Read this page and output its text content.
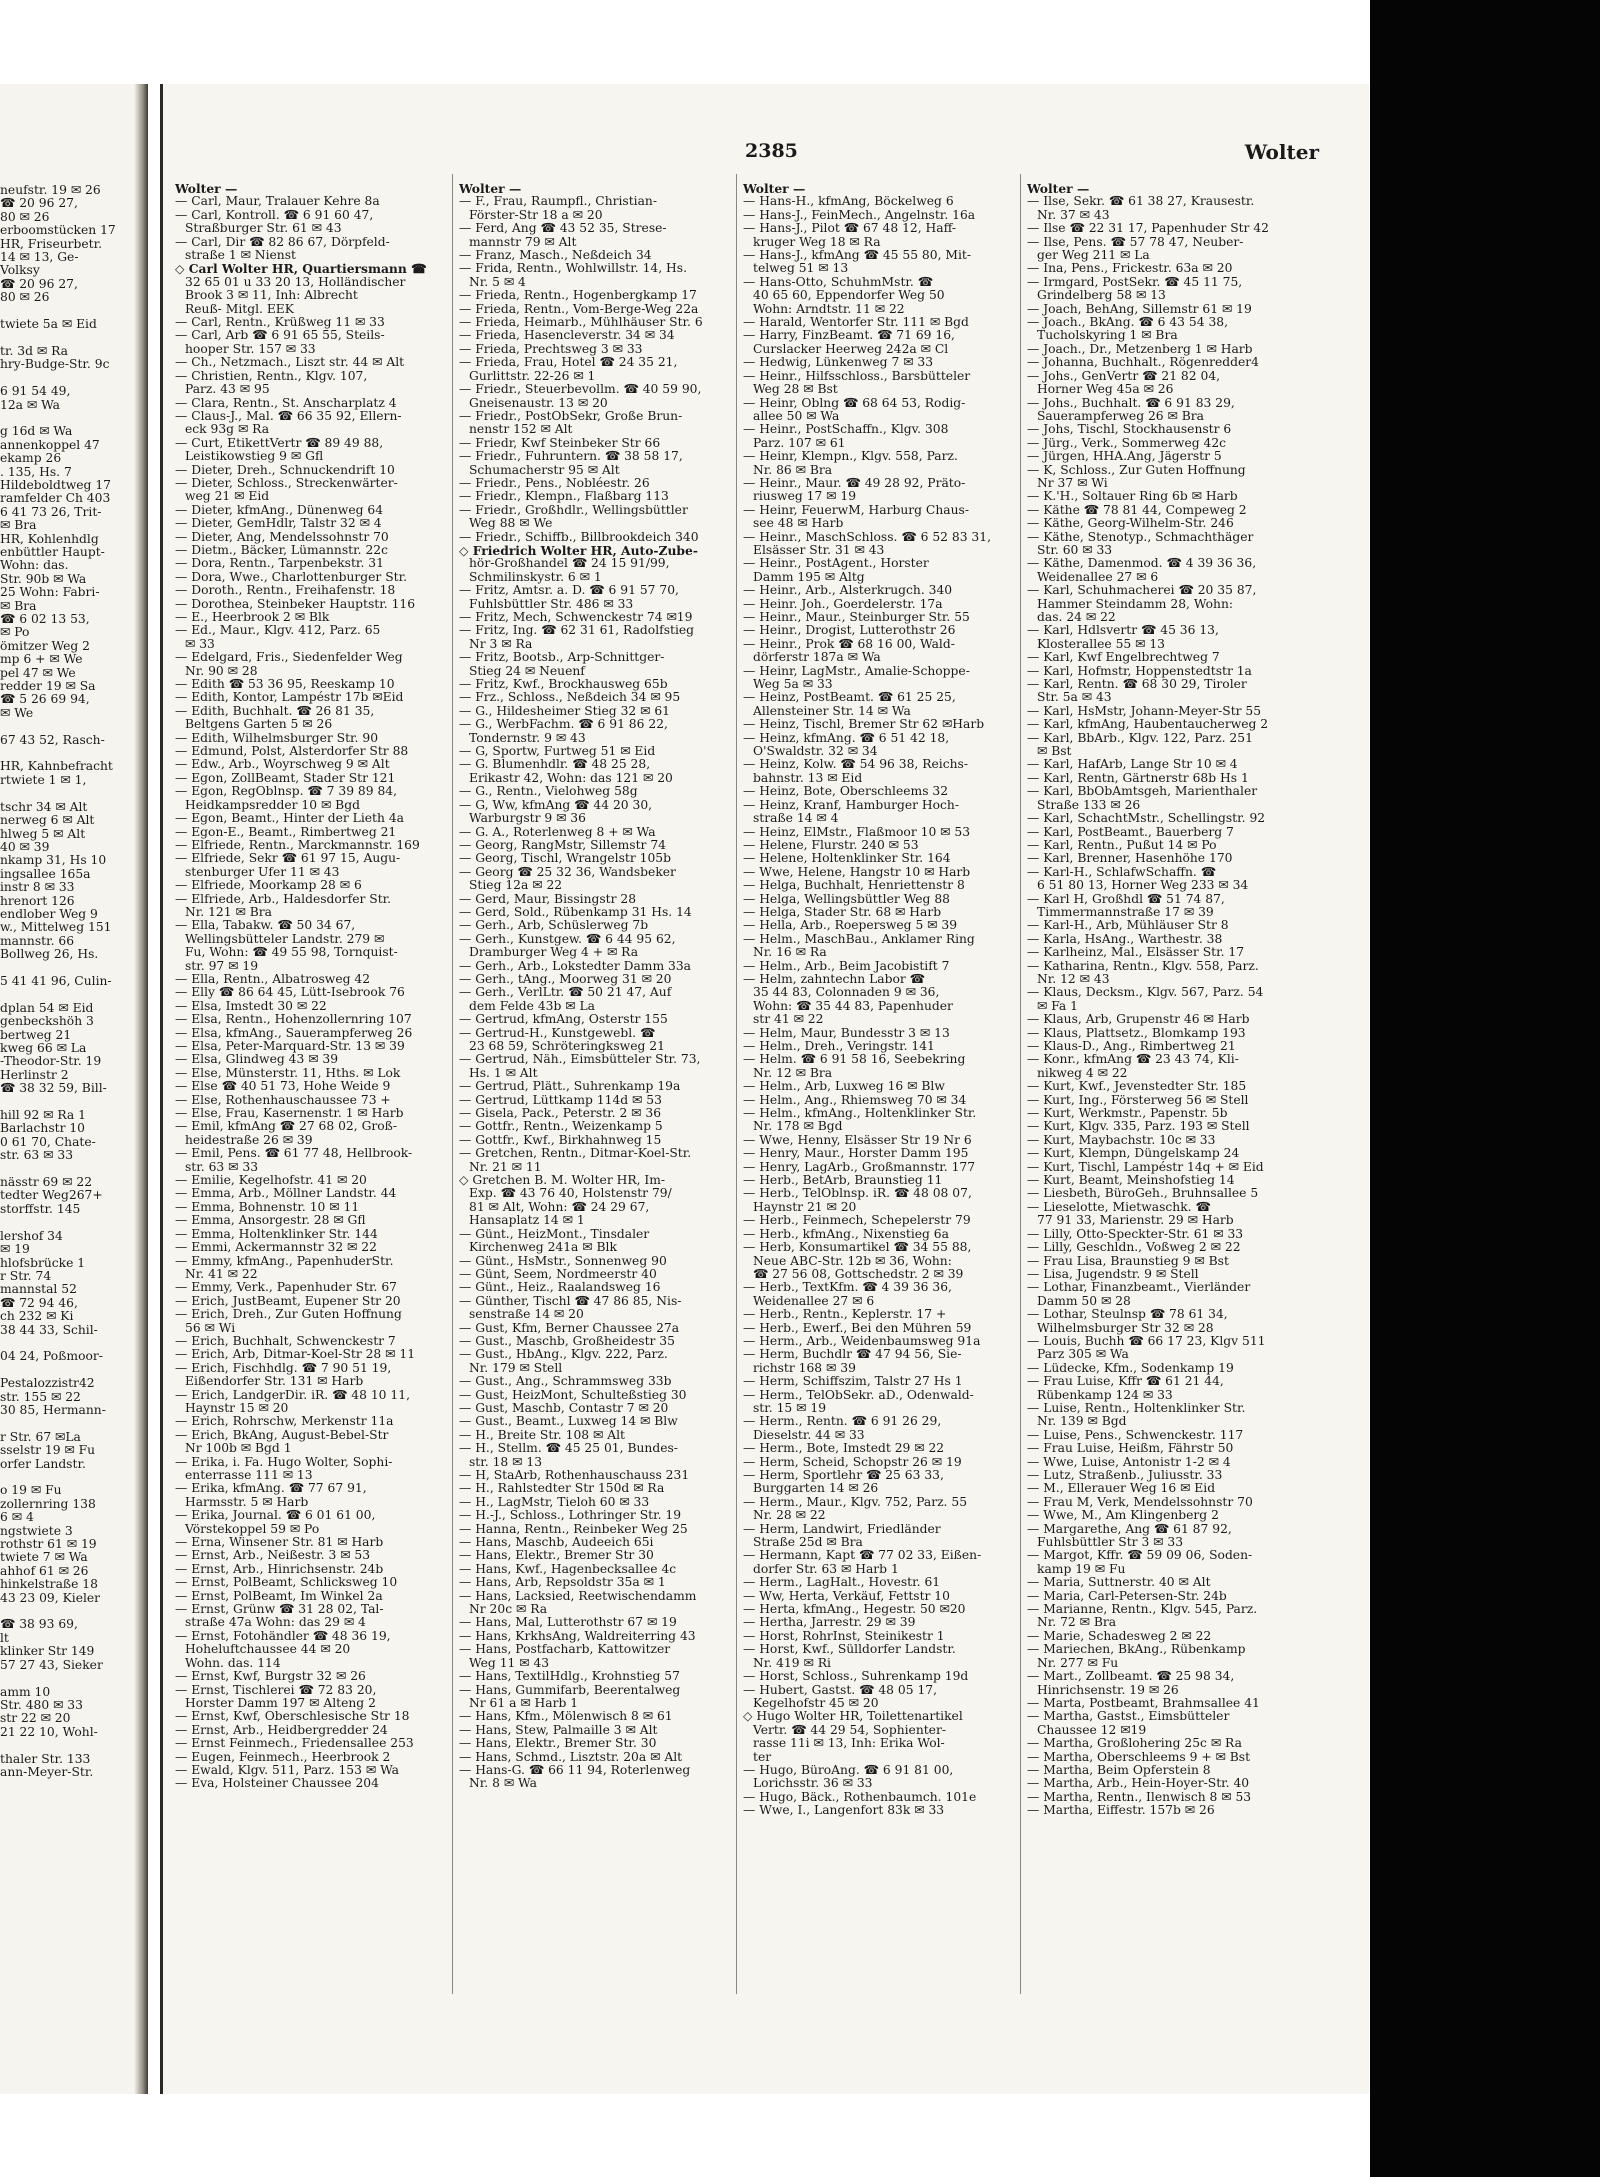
neufstr. 19 ✉ 26

☎ 20 96 27,

80 ✉ 26

erboomstücken 17

HR, Friseurbetr.

14 ✉ 13, Ge-

Volksy

☎ 20 96 27,

80 ✉ 26

twiete 5a ✉ Eid

tr. 3d ✉ Ra

hry-Budge-Str. 9c

6 91 54 49,

12a ✉ Wa

g 16d ✉ Wa

annenkoppel 47

ekamp 26

. 135, Hs. 7

Hildeboldtweg 17

ramfelder Ch 403

6 41 73 26, Trit-

✉ Bra

HR, Kohlenhdlg

enbüttler Haupt-

Wohn: das.

Str. 90b ✉ Wa

25 Wohn: Fabri-

✉ Bra

☎ 6 02 13 53,

✉ Po

ömitzer Weg 2

mp 6 + ✉ We

pel 47 ✉ We

redder 19 ✉ Sa

☎ 5 26 69 94,

✉ We

67 43 52, Rasch-

HR, Kahnbefracht

rtwiete 1 ✉ 1,

tschr 34 ✉ Alt

nerweg 6 ✉ Alt

hlweg 5 ✉ Alt

40 ✉ 39

nkamp 31, Hs 10

ingsallee 165a

instr 8 ✉ 33

hrenort 126

endlober Weg 9

w., Mittelweg 151

mannstr. 66

Bollweg 26, Hs.

5 41 41 96, Culin-

dplan 54 ✉ Eid

genbeckshöh 3

bertweg 21

kweg 66 ✉ La

-Theodor-Str. 19

Herlinstr 2

☎ 38 32 59, Bill-

hill 92 ✉ Ra 1

Barlachstr 10

0 61 70, Chate-

str. 63 ✉ 33

nässtr 69 ✉ 22

tedter Weg267+

storffstr. 145

lershof 34

✉ 19

hlofsbrücke 1

r Str. 74

mannstal 52

☎ 72 94 46,

ch 232 ✉ Ki

38 44 33, Schil-

04 24, Poßmoor-

Pestalozzistr42

str. 155 ✉ 22

30 85, Hermann-

r Str. 67 ✉La

sselstr 19 ✉ Fu

orfer Landstr.

o 19 ✉ Fu

zollernring 138

6 ✉ 4

ngstwiete 3

rothstr 61 ✉ 19

twiete 7 ✉ Wa

ahhof 61 ✉ 26

hinkelstraße 18

43 23 09, Kieler

☎ 38 93 69,

lt

klinker Str 149

57 27 43, Sieker

amm 10

Str. 480 ✉ 33

str 22 ✉ 20

21 22 10, Wohl-

thaler Str. 133

ann-Meyer-Str.

2385	Wolter

Wolter —

— Carl, Maur, Tralauer Kehre 8a

— Carl, Kontroll. ☎ 6 91 60 47,

Straßburger Str. 61 ✉ 43

— Carl, Dir ☎ 82 86 67, Dörpfeld-

straße 1 ✉ Nienst

◇ Carl Wolter HR, Quartiersmann ☎

32 65 01 u 33 20 13, Holländischer

Brook 3 ✉ 11, Inh: Albrecht

Reuß- Mitgl. EEK

— Carl, Rentn., Krüßweg 11 ✉ 33

— Carl, Arb ☎ 6 91 65 55, Steils-

hooper Str. 157 ✉ 33

— Ch., Netzmach., Liszt str. 44 ✉ Alt

— Christien, Rentn., Klgv. 107,

Parz. 43 ✉ 95

— Clara, Rentn., St. Anscharplatz 4

— Claus-J., Mal. ☎ 66 35 92, Ellern-

eck 93g ✉ Ra

— Curt, EtikettVertr ☎ 89 49 88,

Leistikowstieg 9 ✉ Gfl

— Dieter, Dreh., Schnuckendrift 10

— Dieter, Schloss., Streckenwärter-

weg 21 ✉ Eid

— Dieter, kfmAng., Dünenweg 64

— Dieter, GemHdlr, Talstr 32 ✉ 4

— Dieter, Ang, Mendelssohnstr 70

— Dietm., Bäcker, Lümannstr. 22c

— Dora, Rentn., Tarpenbekstr. 31

— Dora, Wwe., Charlottenburger Str.

— Doroth., Rentn., Freihafenstr. 18

— Dorothea, Steinbeker Hauptstr. 116

— E., Heerbrook 2 ✉ Blk

— Ed., Maur., Klgv. 412, Parz. 65

✉ 33

— Edelgard, Fris., Siedenfelder Weg

Nr. 90 ✉ 28

— Edith ☎ 53 36 95, Reeskamp 10

— Edith, Kontor, Lampéstr 17b ✉Eid

— Edith, Buchhalt. ☎ 26 81 35,

Beltgens Garten 5 ✉ 26

— Edith, Wilhelmsburger Str. 90

— Edmund, Polst, Alsterdorfer Str 88

— Edw., Arb., Woyrschweg 9 ✉ Alt

— Egon, ZollBeamt, Stader Str 121

— Egon, RegOblnsp. ☎ 7 39 89 84,

Heidkampsredder 10 ✉ Bgd

— Egon, Beamt., Hinter der Lieth 4a

— Egon-E., Beamt., Rimbertweg 21

— Elfriede, Rentn., Marckmannstr. 169

— Elfriede, Sekr ☎ 61 97 15, Augu-

stenburger Ufer 11 ✉ 43

— Elfriede, Moorkamp 28 ✉ 6

— Elfriede, Arb., Haldesdorfer Str.

Nr. 121 ✉ Bra

— Ella, Tabakw. ☎ 50 34 67,

Wellingsbütteler Landstr. 279 ✉

Fu, Wohn: ☎ 49 55 98, Tornquist-

str. 97 ✉ 19

— Ella, Rentn., Albatrosweg 42

— Elly ☎ 86 64 45, Lütt-Isebrook 76

— Elsa, Imstedt 30 ✉ 22

— Elsa, Rentn., Hohenzollernring 107

— Elsa, kfmAng., Sauerampferweg 26

— Elsa, Peter-Marquard-Str. 13 ✉ 39

— Elsa, Glindweg 43 ✉ 39

— Else, Münsterstr. 11, Hths. ✉ Lok

— Else ☎ 40 51 73, Hohe Weide 9

— Else, Rothenhauschaussee 73 +

— Else, Frau, Kasernenstr. 1 ✉ Harb

— Emil, kfmAng ☎ 27 68 02, Groß-

heidestraße 26 ✉ 39

— Emil, Pens. ☎ 61 77 48, Hellbrook-

str. 63 ✉ 33

— Emilie, Kegelhofstr. 41 ✉ 20

— Emma, Arb., Möllner Landstr. 44

— Emma, Bohnenstr. 10 ✉ 11

— Emma, Ansorgestr. 28 ✉ Gfl

— Emma, Holtenklinker Str. 144

— Emmi, Ackermannstr 32 ✉ 22

— Emmy, kfmAng., PapenhuderStr.

Nr. 41 ✉ 22

— Emmy, Verk., Papenhuder Str. 67

— Erich, JustBeamt, Eupener Str 20

— Erich, Dreh., Zur Guten Hoffnung

56 ✉ Wi

— Erich, Buchhalt, Schwenckestr 7

— Erich, Arb, Ditmar-Koel-Str 28 ✉ 11

— Erich, Fischhdlg. ☎ 7 90 51 19,

Eißendorfer Str. 131 ✉ Harb

— Erich, LandgerDir. iR. ☎ 48 10 11,

Haynstr 15 ✉ 20

— Erich, Rohrschw, Merkenstr 11a

— Erich, BkAng, August-Bebel-Str

Nr 100b ✉ Bgd 1

— Erika, i. Fa. Hugo Wolter, Sophi-

enterrasse 111 ✉ 13

— Erika, kfmAng. ☎ 77 67 91,

Harmsstr. 5 ✉ Harb

— Erika, Journal. ☎ 6 01 61 00,

Vörstekoppel 59 ✉ Po

— Erna, Winsener Str. 81 ✉ Harb

— Ernst, Arb., Neißestr. 3 ✉ 53

— Ernst, Arb., Hinrichsenstr. 24b

— Ernst, PolBeamt, Schlicksweg 10

— Ernst, PolBeamt, Im Winkel 2a

— Ernst, Grünw ☎ 31 28 02, Tal-

straße 47a Wohn: das 29 ✉ 4

— Ernst, Fotohändler ☎ 48 36 19,

Hoheluftchaussee 44 ✉ 20

Wohn. das. 114

— Ernst, Kwf, Burgstr 32 ✉ 26

— Ernst, Tischlerei ☎ 72 83 20,

Horster Damm 197 ✉ Alteng 2

— Ernst, Kwf, Oberschlesische Str 18

— Ernst, Arb., Heidbergredder 24

— Ernst Feinmech., Friedensallee 253

— Eugen, Feinmech., Heerbrook 2

— Ewald, Klgv. 511, Parz. 153 ✉ Wa

— Eva, Holsteiner Chaussee 204

Wolter —

— F., Frau, Raumpfl., Christian-

Förster-Str 18 a ✉ 20

— Ferd, Ang ☎ 43 52 35, Strese-

mannstr 79 ✉ Alt

— Franz, Masch., Neßdeich 34

— Frida, Rentn., Wohlwillstr. 14, Hs.

Nr. 5 ✉ 4

— Frieda, Rentn., Hogenbergkamp 17

— Frieda, Rentn., Vom-Berge-Weg 22a

— Frieda, Heimarb., Mühlhäuser Str. 6

— Frieda, Hasencleverstr. 34 ✉ 34

— Frieda, Prechtsweg 3 ✉ 33

— Frieda, Frau, Hotel ☎ 24 35 21,

Gurlittstr. 22-26 ✉ 1

— Friedr., Steuerbevollm. ☎ 40 59 90,

Gneisenaustr. 13 ✉ 20

— Friedr., PostObSekr, Große Brun-

nenstr 152 ✉ Alt

— Friedr, Kwf Steinbeker Str 66

— Friedr., Fuhruntern. ☎ 38 58 17,

Schumacherstr 95 ✉ Alt

— Friedr., Pens., Nobléestr. 26

— Friedr., Klempn., Flaßbarg 113

— Friedr., Großhdlr., Wellingsbüttler

Weg 88 ✉ We

— Friedr., Schiffb., Billbrookdeich 340

◇ Friedrich Wolter HR, Auto-Zube-

hör-Großhandel ☎ 24 15 91/99,

Schmilinskystr. 6 ✉ 1

— Fritz, Amtsr. a. D. ☎ 6 91 57 70,

Fuhlsbüttler Str. 486 ✉ 33

— Fritz, Mech, Schwenckestr 74 ✉19

— Fritz, Ing. ☎ 62 31 61, Radolfstieg

Nr 3 ✉ Ra

— Fritz, Bootsb., Arp-Schnittger-

Stieg 24 ✉ Neuenf

— Fritz, Kwf., Brockhausweg 65b

— Frz., Schloss., Neßdeich 34 ✉ 95

— G., Hildesheimer Stieg 32 ✉ 61

— G., WerbFachm. ☎ 6 91 86 22,

Tondernstr. 9 ✉ 43

— G, Sportw, Furtweg 51 ✉ Eid

— G. Blumenhdlr. ☎ 48 25 28,

Erikastr 42, Wohn: das 121 ✉ 20

— G., Rentn., Vielohweg 58g

— G, Ww, kfmAng ☎ 44 20 30,

Warburgstr 9 ✉ 36

— G. A., Roterlenweg 8 + ✉ Wa

— Georg, RangMstr, Sillemstr 74

— Georg, Tischl, Wrangelstr 105b

— Georg ☎ 25 32 36, Wandsbeker

Stieg 12a ✉ 22

— Gerd, Maur, Bissingstr 28

— Gerd, Sold., Rübenkamp 31 Hs. 14

— Gerh., Arb, Schüslerweg 7b

— Gerh., Kunstgew. ☎ 6 44 95 62,

Dramburger Weg 4 + ✉ Ra

— Gerh., Arb., Lokstedter Damm 33a

— Gerh., tAng., Moorweg 31 ✉ 20

— Gerh., VerlLtr. ☎ 50 21 47, Auf

dem Felde 43b ✉ La

— Gertrud, kfmAng, Osterstr 155

— Gertrud-H., Kunstgewebl. ☎

23 68 59, Schröteringksweg 21

— Gertrud, Näh., Eimsbütteler Str. 73,

Hs. 1 ✉ Alt

— Gertrud, Plätt., Suhrenkamp 19a

— Gertrud, Lüttkamp 114d ✉ 53

— Gisela, Pack., Peterstr. 2 ✉ 36

— Gottfr., Rentn., Weizenkamp 5

— Gottfr., Kwf., Birkhahnweg 15

— Gretchen, Rentn., Ditmar-Koel-Str.

Nr. 21 ✉ 11

◇ Gretchen B. M. Wolter HR, Im-

Exp. ☎ 43 76 40, Holstenstr 79/

81 ✉ Alt, Wohn: ☎ 24 29 67,

Hansaplatz 14 ✉ 1

— Günt., HeizMont., Tinsdaler

Kirchenweg 241a ✉ Blk

— Günt., HsMstr., Sonnenweg 90

— Günt, Seem, Nordmeerstr 40

— Günt., Heiz., Raalandsweg 16

— Günther, Tischl ☎ 47 86 85, Nis-

senstraße 14 ✉ 20

— Gust, Kfm, Berner Chaussee 27a

— Gust., Maschb, Großheidestr 35

— Gust., HbAng., Klgv. 222, Parz.

Nr. 179 ✉ Stell

— Gust., Ang., Schrammsweg 33b

— Gust, HeizMont, Schulteßstieg 30

— Gust, Maschb, Contastr 7 ✉ 20

— Gust., Beamt., Luxweg 14 ✉ Blw

— H., Breite Str. 108 ✉ Alt

— H., Stellm. ☎ 45 25 01, Bundes-

str. 18 ✉ 13

— H, StaArb, Rothenhauschauss 231

— H., Rahlstedter Str 150d ✉ Ra

— H., LagMstr, Tieloh 60 ✉ 33

— H.-J., Schloss., Lothringer Str. 19

— Hanna, Rentn., Reinbeker Weg 25

— Hans, Maschb, Audeeich 65i

— Hans, Elektr., Bremer Str 30

— Hans, Kwf., Hagenbecksallee 4c

— Hans, Arb, Repsoldstr 35a ✉ 1

— Hans, Lacksied, Reetwischendamm

Nr 20c ✉ Ra

— Hans, Mal, Lutterothstr 67 ✉ 19

— Hans, KrkhsAng, Waldreiterring 43

— Hans, Postfacharb, Kattowitzer

Weg 11 ✉ 43

— Hans, TextilHdlg., Krohnstieg 57

— Hans, Gummifarb, Beerentalweg

Nr 61 a ✉ Harb 1

— Hans, Kfm., Mölenwisch 8 ✉ 61

— Hans, Stew, Palmaille 3 ✉ Alt

— Hans, Elektr., Bremer Str. 30

— Hans, Schmd., Lisztstr. 20a ✉ Alt

— Hans-G. ☎ 66 11 94, Roterlenweg

Nr. 8 ✉ Wa

Wolter —

— Hans-H., kfmAng, Böckelweg 6

— Hans-J., FeinMech., Angelnstr. 16a

— Hans-J., Pilot ☎ 67 48 12, Haff-

kruger Weg 18 ✉ Ra

— Hans-J., kfmAng ☎ 45 55 80, Mit-

telweg 51 ✉ 13

— Hans-Otto, SchuhmMstr. ☎

40 65 60, Eppendorfer Weg 50

Wohn: Arndtstr. 11 ✉ 22

— Harald, Wentorfer Str. 111 ✉ Bgd

— Harry, FinzBeamt. ☎ 71 69 16,

Curslacker Heerweg 242a ✉ Cl

— Hedwig, Lünkenweg 7 ✉ 33

— Heinr., Hilfsschloss., Barsbütteler

Weg 28 ✉ Bst

— Heinr, Oblng ☎ 68 64 53, Rodig-

allee 50 ✉ Wa

— Heinr., PostSchaffn., Klgv. 308

Parz. 107 ✉ 61

— Heinr, Klempn., Klgv. 558, Parz.

Nr. 86 ✉ Bra

— Heinr., Maur. ☎ 49 28 92, Präto-

riusweg 17 ✉ 19

— Heinr, FeuerwM, Harburg Chaus-

see 48 ✉ Harb

— Heinr., MaschSchloss. ☎ 6 52 83 31,

Elsässer Str. 31 ✉ 43

— Heinr., PostAgent., Horster

Damm 195 ✉ Altg

— Heinr., Arb., Alsterkrugch. 340

— Heinr. Joh., Goerdelerstr. 17a

— Heinr., Maur., Steinburger Str. 55

— Heinr., Drogist, Lutterothstr 26

— Heinr., Prok ☎ 68 16 00, Wald-

dörferstr 187a ✉ Wa

— Heinr, LagMstr., Amalie-Schoppe-

Weg 5a ✉ 33

— Heinz, PostBeamt. ☎ 61 25 25,

Allensteiner Str. 14 ✉ Wa

— Heinz, Tischl, Bremer Str 62 ✉Harb

— Heinz, kfmAng. ☎ 6 51 42 18,

O'Swaldstr. 32 ✉ 34

— Heinz, Kolw. ☎ 54 96 38, Reichs-

bahnstr. 13 ✉ Eid

— Heinz, Bote, Oberschleems 32

— Heinz, Kranf, Hamburger Hoch-

straße 14 ✉ 4

— Heinz, ElMstr., Flaßmoor 10 ✉ 53

— Helene, Flurstr. 240 ✉ 53

— Helene, Holtenklinker Str. 164

— Wwe, Helene, Hangstr 10 ✉ Harb

— Helga, Buchhalt, Henriettenstr 8

— Helga, Wellingsbüttler Weg 88

— Helga, Stader Str. 68 ✉ Harb

— Hella, Arb., Roepersweg 5 ✉ 39

— Helm., MaschBau., Anklamer Ring

Nr. 16 ✉ Ra

— Helm., Arb., Beim Jacobistift 7

— Helm, zahntechn Labor ☎

35 44 83, Colonnaden 9 ✉ 36,

Wohn: ☎ 35 44 83, Papenhuder

str 41 ✉ 22

— Helm, Maur, Bundesstr 3 ✉ 13

— Helm., Dreh., Veringstr. 141

— Helm. ☎ 6 91 58 16, Seebekring

Nr. 12 ✉ Bra

— Helm., Arb, Luxweg 16 ✉ Blw

— Helm., Ang., Rhiemsweg 70 ✉ 34

— Helm., kfmAng., Holtenklinker Str.

Nr. 178 ✉ Bgd

— Wwe, Henny, Elsässer Str 19 Nr 6

— Henry, Maur., Horster Damm 195

— Henry, LagArb., Großmannstr. 177

— Herb., BetArb, Braunstieg 11

— Herb., TelOblnsp. iR. ☎ 48 08 07,

Haynstr 21 ✉ 20

— Herb., Feinmech, Schepelerstr 79

— Herb., kfmAng., Nixenstieg 6a

— Herb, Konsumartikel ☎ 34 55 88,

Neue ABC-Str. 12b ✉ 36, Wohn:

☎ 27 56 08, Gottschedstr. 2 ✉ 39

— Herb., TextKfm. ☎ 4 39 36 36,

Weidenallee 27 ✉ 6

— Herb., Rentn., Keplerstr. 17 +

— Herb., Ewerf., Bei den Mühren 59

— Herm., Arb., Weidenbaumsweg 91a

— Herm, Buchdlr ☎ 47 94 56, Sie-

richstr 168 ✉ 39

— Herm, Schiffszim, Talstr 27 Hs 1

— Herm., TelObSekr. aD., Odenwald-

str. 15 ✉ 19

— Herm., Rentn. ☎ 6 91 26 29,

Dieselstr. 44 ✉ 33

— Herm., Bote, Imstedt 29 ✉ 22

— Herm, Scheid, Schopstr 26 ✉ 19

— Herm, Sportlehr ☎ 25 63 33,

Burggarten 14 ✉ 26

— Herm., Maur., Klgv. 752, Parz. 55

Nr. 28 ✉ 22

— Herm, Landwirt, Friedländer

Straße 25d ✉ Bra

— Hermann, Kapt ☎ 77 02 33, Eißen-

dorfer Str. 63 ✉ Harb 1

— Herm., LagHalt., Hovestr. 61

— Ww, Herta, Verkäuf, Fettstr 10

— Herta, kfmAng., Hegestr. 50 ✉20

— Hertha, Jarrestr. 29 ✉ 39

— Horst, RohrInst, Steinikestr 1

— Horst, Kwf., Sülldorfer Landstr.

Nr. 419 ✉ Ri

— Horst, Schloss., Suhrenkamp 19d

— Hubert, Gastst. ☎ 48 05 17,

Kegelhofstr 45 ✉ 20

◇ Hugo Wolter HR, Toilettenartikel

Vertr. ☎ 44 29 54, Sophienter-

rasse 11i ✉ 13, Inh: Erika Wol-

ter

— Hugo, BüroAng. ☎ 6 91 81 00,

Lorichsstr. 36 ✉ 33

— Hugo, Bäck., Rothenbaumch. 101e

— Wwe, I., Langenfort 83k ✉ 33

Wolter —

— Ilse, Sekr. ☎ 61 38 27, Krausestr.

Nr. 37 ✉ 43

— Ilse ☎ 22 31 17, Papenhuder Str 42

— Ilse, Pens. ☎ 57 78 47, Neuber-

ger Weg 211 ✉ La

— Ina, Pens., Frickestr. 63a ✉ 20

— Irmgard, PostSekr. ☎ 45 11 75,

Grindelberg 58 ✉ 13

— Joach, BehAng, Sillemstr 61 ✉ 19

— Joach., BkAng. ☎ 6 43 54 38,

Tucholskyring 1 ✉ Bra

— Joach., Dr., Metzenberg 1 ✉ Harb

— Johanna, Buchhalt., Rögenredder4

— Johs., GenVertr ☎ 21 82 04,

Horner Weg 45a ✉ 26

— Johs., Buchhalt. ☎ 6 91 83 29,

Sauerampferweg 26 ✉ Bra

— Johs, Tischl, Stockhausenstr 6

— Jürg., Verk., Sommerweg 42c

— Jürgen, HHA.Ang, Jägerstr 5

— K, Schloss., Zur Guten Hoffnung

Nr 37 ✉ Wi

— K.'H., Soltauer Ring 6b ✉ Harb

— Käthe ☎ 78 81 44, Compeweg 2

— Käthe, Georg-Wilhelm-Str. 246

— Käthe, Stenotyp., Schmachthäger

Str. 60 ✉ 33

— Käthe, Damenmod. ☎ 4 39 36 36,

Weidenallee 27 ✉ 6

— Karl, Schuhmacherei ☎ 20 35 87,

Hammer Steindamm 28, Wohn:

das. 24 ✉ 22

— Karl, Hdlsvertr ☎ 45 36 13,

Klosterallee 55 ✉ 13

— Karl, Kwf Engelbrechtweg 7

— Karl, Hofmstr, Hoppenstedtstr 1a

— Karl, Rentn. ☎ 68 30 29, Tiroler

Str. 5a ✉ 43

— Karl, HsMstr, Johann-Meyer-Str 55

— Karl, kfmAng, Haubentaucherweg 2

— Karl, BbArb., Klgv. 122, Parz. 251

✉ Bst

— Karl, HafArb, Lange Str 10 ✉ 4

— Karl, Rentn, Gärtnerstr 68b Hs 1

— Karl, BbObAmtsgeh, Marienthaler

Straße 133 ✉ 26

— Karl, SchachtMstr., Schellingstr. 92

— Karl, PostBeamt., Bauerberg 7

— Karl, Rentn., Pußut 14 ✉ Po

— Karl, Brenner, Hasenhöhe 170

— Karl-H., SchlafwSchaffn. ☎

6 51 80 13, Horner Weg 233 ✉ 34

— Karl H, Großhdl ☎ 51 74 87,

Timmermannstraße 17 ✉ 39

— Karl-H., Arb, Mühläuser Str 8

— Karla, HsAng., Warthestr. 38

— Karlheinz, Mal., Elsässer Str. 17

— Katharina, Rentn., Klgv. 558, Parz.

Nr. 12 ✉ 43

— Klaus, Decksm., Klgv. 567, Parz. 54

✉ Fa 1

— Klaus, Arb, Grupenstr 46 ✉ Harb

— Klaus, Plattsetz., Blomkamp 193

— Klaus-D., Ang., Rimbertweg 21

— Konr., kfmAng ☎ 23 43 74, Kli-

nikweg 4 ✉ 22

— Kurt, Kwf., Jevenstedter Str. 185

— Kurt, Ing., Försterweg 56 ✉ Stell

— Kurt, Werkmstr., Papenstr. 5b

— Kurt, Klgv. 335, Parz. 193 ✉ Stell

— Kurt, Maybachstr. 10c ✉ 33

— Kurt, Klempn, Düngelskamp 24

— Kurt, Tischl, Lampéstr 14q + ✉ Eid

— Kurt, Beamt, Meinshofstieg 14

— Liesbeth, BüroGeh., Bruhnsallee 5

— Lieselotte, Mietwaschk. ☎

77 91 33, Marienstr. 29 ✉ Harb

— Lilly, Otto-Speckter-Str. 61 ✉ 33

— Lilly, Geschldn., Voßweg 2 ✉ 22

— Frau Lisa, Braunstieg 9 ✉ Bst

— Lisa, Jugendstr. 9 ✉ Stell

— Lothar, Finanzbeamt., Vierländer

Damm 50 ✉ 28

— Lothar, Steulnsp ☎ 78 61 34,

Wilhelmsburger Str 32 ✉ 28

— Louis, Buchh ☎ 66 17 23, Klgv 511

Parz 305 ✉ Wa

— Lüdecke, Kfm., Sodenkamp 19

— Frau Luise, Kffr ☎ 61 21 44,

Rübenkamp 124 ✉ 33

— Luise, Rentn., Holtenklinker Str.

Nr. 139 ✉ Bgd

— Luise, Pens., Schwenckestr. 117

— Frau Luise, Heißm, Fährstr 50

— Wwe, Luise, Antonistr 1-2 ✉ 4

— Lutz, Straßenb., Juliusstr. 33

— M., Ellerauer Weg 16 ✉ Eid

— Frau M, Verk, Mendelssohnstr 70

— Wwe, M., Am Klingenberg 2

— Margarethe, Ang ☎ 61 87 92,

Fuhlsbüttler Str 3 ✉ 33

— Margot, Kffr. ☎ 59 09 06, Soden-

kamp 19 ✉ Fu

— Maria, Suttnerstr. 40 ✉ Alt

— Maria, Carl-Petersen-Str. 24b

— Marianne, Rentn., Klgv. 545, Parz.

Nr. 72 ✉ Bra

— Marie, Schadesweg 2 ✉ 22

— Mariechen, BkAng., Rübenkamp

Nr. 277 ✉ Fu

— Mart., Zollbeamt. ☎ 25 98 34,

Hinrichsenstr. 19 ✉ 26

— Marta, Postbeamt, Brahmsallee 41

— Martha, Gastst., Eimsbütteler

Chaussee 12 ✉19

— Martha, Großlohering 25c ✉ Ra

— Martha, Oberschleems 9 + ✉ Bst

— Martha, Beim Opferstein 8

— Martha, Arb., Hein-Hoyer-Str. 40

— Martha, Rentn., Ilenwisch 8 ✉ 53

— Martha, Eiffestr. 157b ✉ 26
